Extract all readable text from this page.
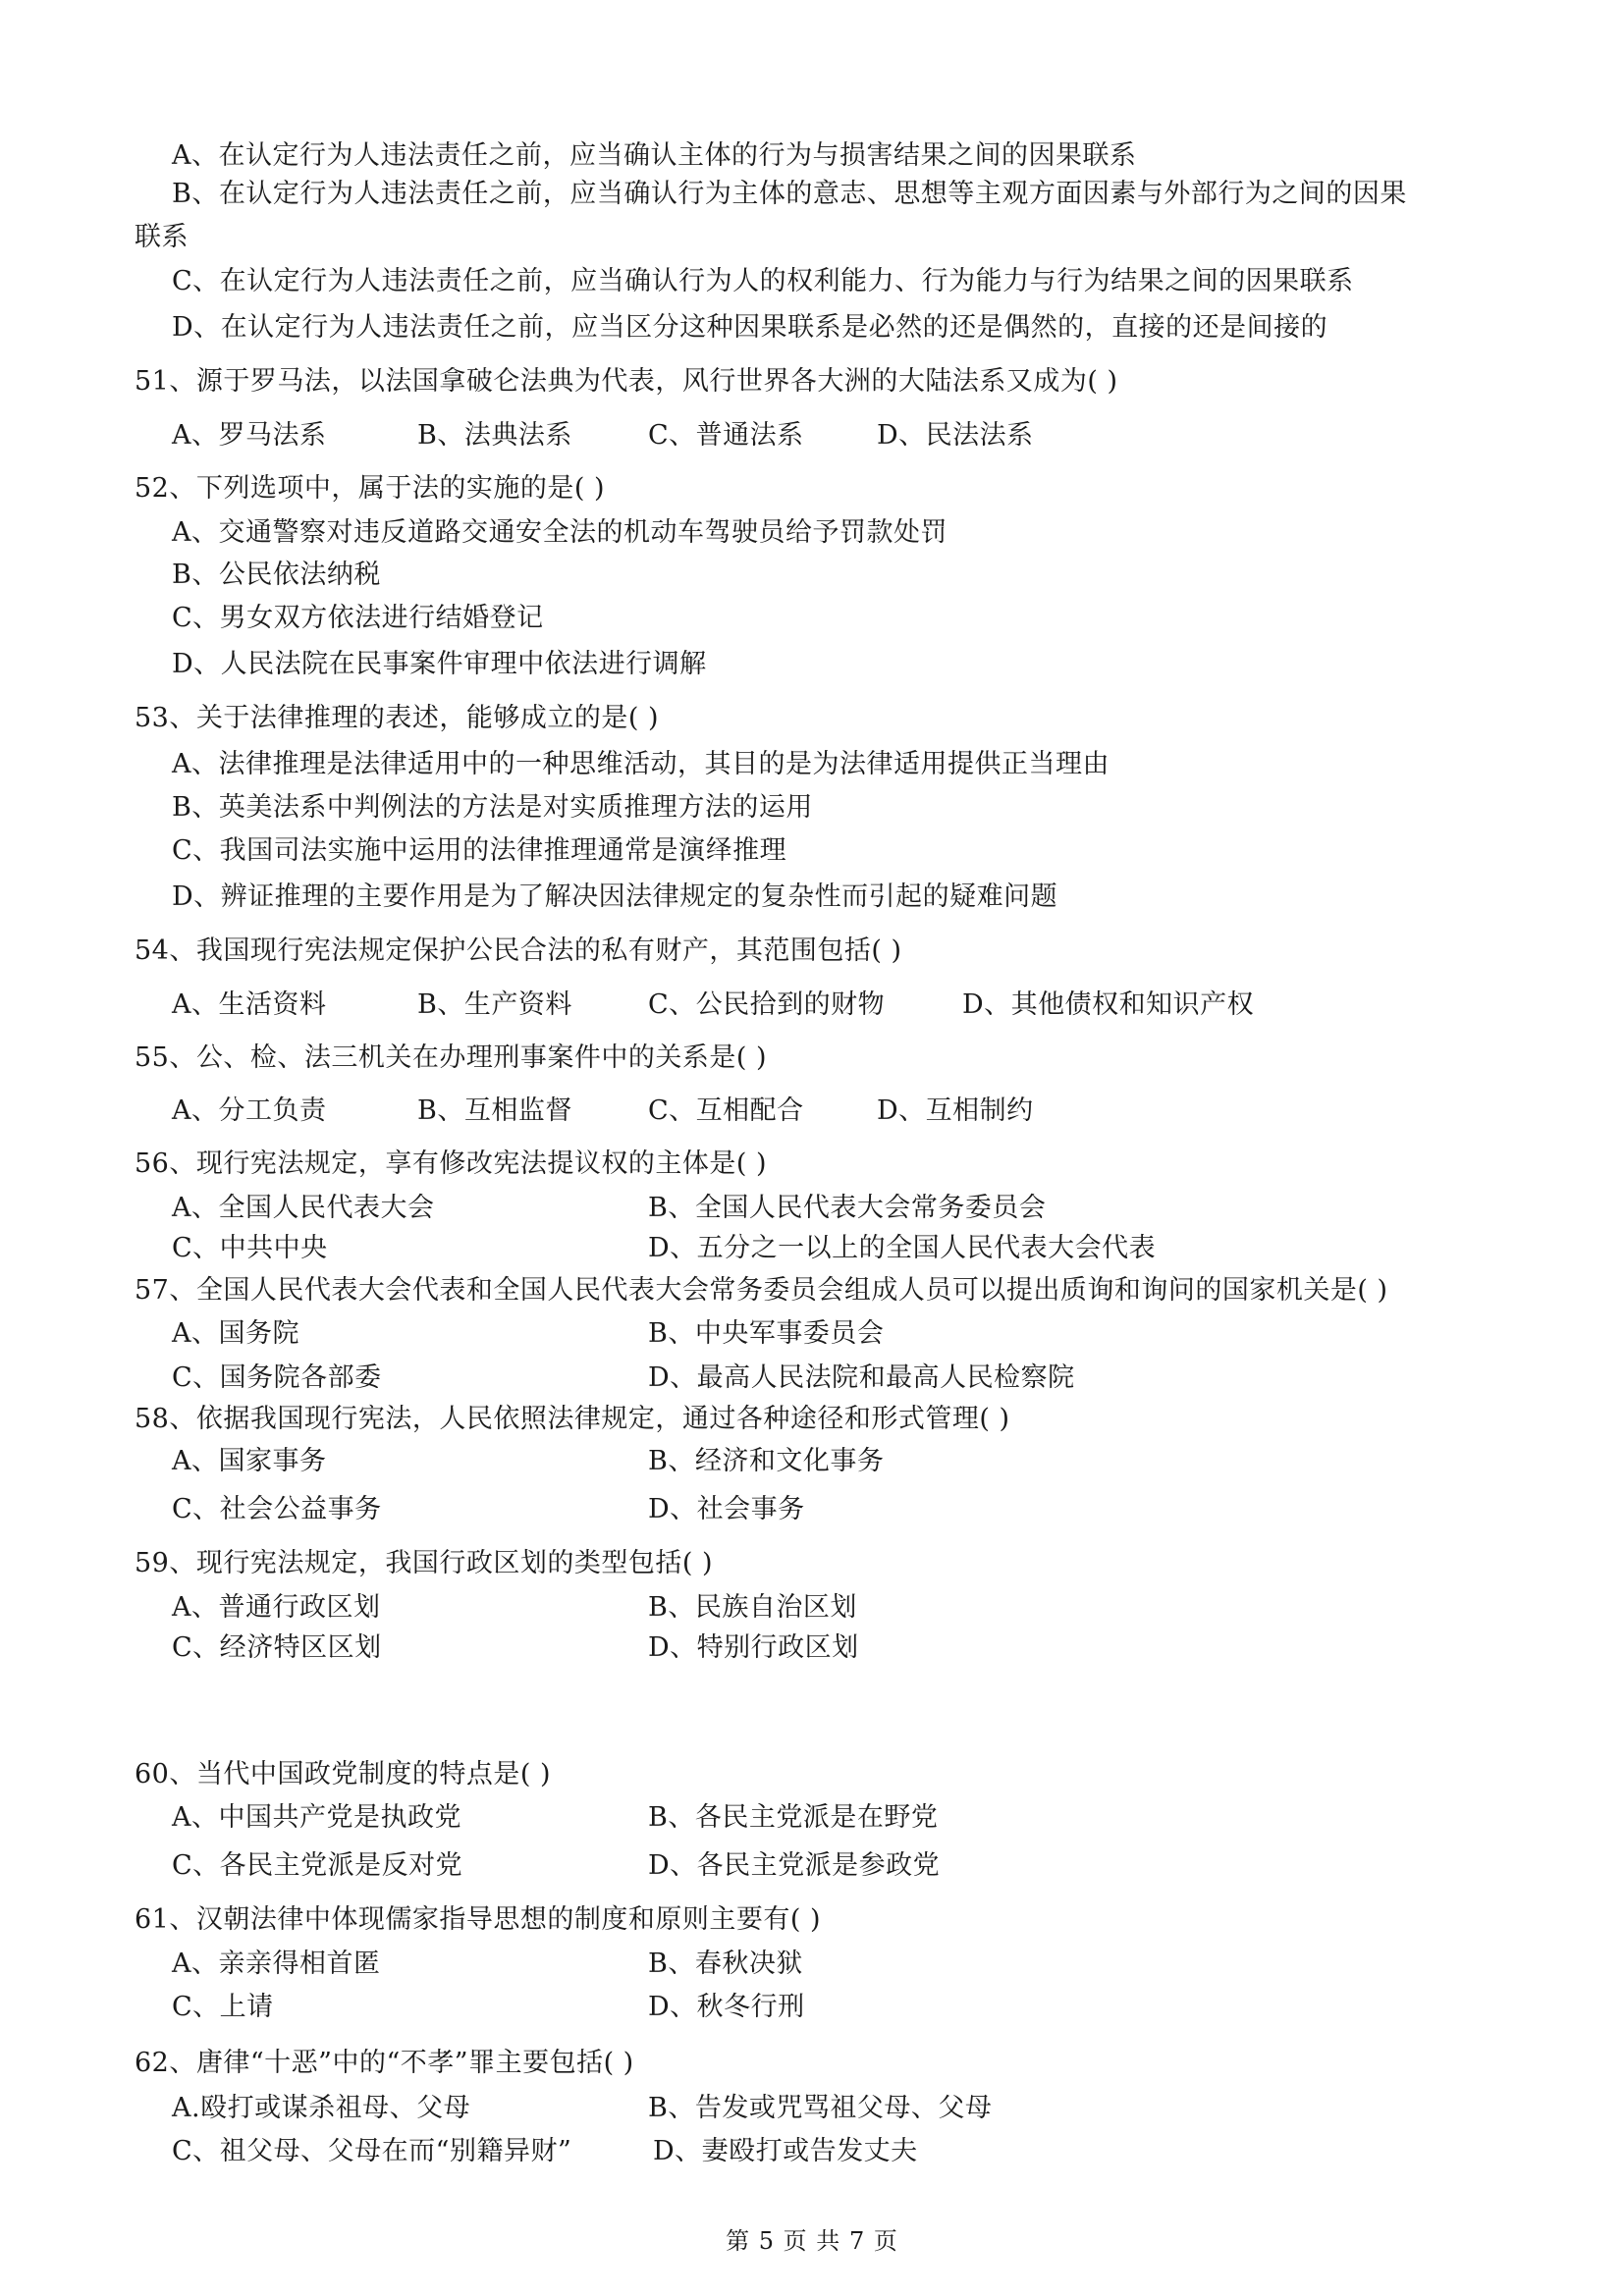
A、在认定行为人违法责任之前，应当确认主体的行为与损害结果之间的因果联系
B、在认定行为人违法责任之前，应当确认行为主体的意志、思想等主观方面因素与外部行为之间的因果
联系
C、在认定行为人违法责任之前，应当确认行为人的权利能力、行为能力与行为结果之间的因果联系
D、在认定行为人违法责任之前，应当区分这种因果联系是必然的还是偶然的，直接的还是间接的
51、源于罗马法，以法国拿破仑法典为代表，风行世界各大洲的大陆法系又成为( )
A、罗马法系	B、法典法系	C、普通法系	D、民法法系
52、下列选项中，属于法的实施的是( )
A、交通警察对违反道路交通安全法的机动车驾驶员给予罚款处罚
B、公民依法纳税
C、男女双方依法进行结婚登记
D、人民法院在民事案件审理中依法进行调解
53、关于法律推理的表述，能够成立的是( )
A、法律推理是法律适用中的一种思维活动，其目的是为法律适用提供正当理由
B、英美法系中判例法的方法是对实质推理方法的运用
C、我国司法实施中运用的法律推理通常是演绎推理
D、辨证推理的主要作用是为了解决因法律规定的复杂性而引起的疑难问题
54、我国现行宪法规定保护公民合法的私有财产，其范围包括( )
A、生活资料	B、生产资料	C、公民拾到的财物	D、其他债权和知识产权
55、公、检、法三机关在办理刑事案件中的关系是( )
A、分工负责	B、互相监督	C、互相配合	D、互相制约
56、现行宪法规定，享有修改宪法提议权的主体是( )
A、全国人民代表大会	B、全国人民代表大会常务委员会
C、中共中央	D、五分之一以上的全国人民代表大会代表
57、全国人民代表大会代表和全国人民代表大会常务委员会组成人员可以提出质询和询问的国家机关是( )
A、国务院	B、中央军事委员会
C、国务院各部委	D、最高人民法院和最高人民检察院
58、依据我国现行宪法，人民依照法律规定，通过各种途径和形式管理( )
A、国家事务	B、经济和文化事务
C、社会公益事务	D、社会事务
59、现行宪法规定，我国行政区划的类型包括( )
A、普通行政区划	B、民族自治区划
C、经济特区区划	D、特别行政区划
60、当代中国政党制度的特点是( )
A、中国共产党是执政党	B、各民主党派是在野党
C、各民主党派是反对党	D、各民主党派是参政党
61、汉朝法律中体现儒家指导思想的制度和原则主要有( )
A、亲亲得相首匿	B、春秋决狱
C、上请	D、秋冬行刑
62、唐律“十恶”中的“不孝”罪主要包括( )
A.殴打或谋杀祖母、父母	B、告发或咒骂祖父母、父母
C、祖父母、父母在而“别籍异财”	D、妻殴打或告发丈夫
第 5 页 共 7 页
